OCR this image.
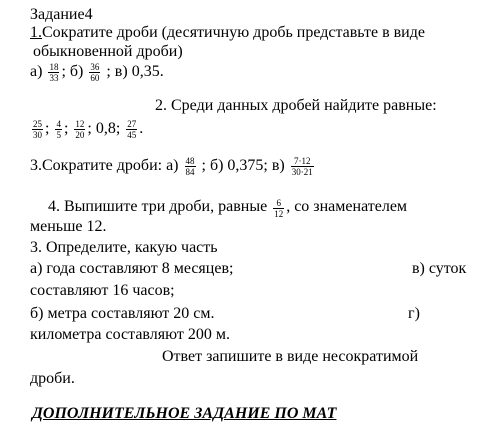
Задание4
1.Сократите дроби (десятичную дробь представьте в виде
обыкновенной дроби)
$а) \frac{18}{33}$ ; $б) \frac{36}{60}$ ; в) 0,35.
2. Среди данных дробей найдите равные:
$\frac{25}{30}$ ; $\frac{4}{5}$ ; $\frac{12}{20}$ ; 0,8; $\frac{27}{45}$ .
3.Сократите дроби: $а) \frac{48}{84}$ ; б) 0,375; $в) \frac{7\cdot 12}{30\cdot 21}$
4. Выпишите три дроби, равные $\frac{6}{12}$ , со знаменателем
меньше 12.
3. Определите, какую часть
а) года составляют 8 месяцев;	в) суток
составляют 16 часов;
б) метра составляют 20 см.	г)
километра составляют 200 м.
Ответ запишите в виде несократимой
дроби.
ДОПОЛНИТЕЛЬНОЕ ЗАДАНИЕ ПО МАТ
